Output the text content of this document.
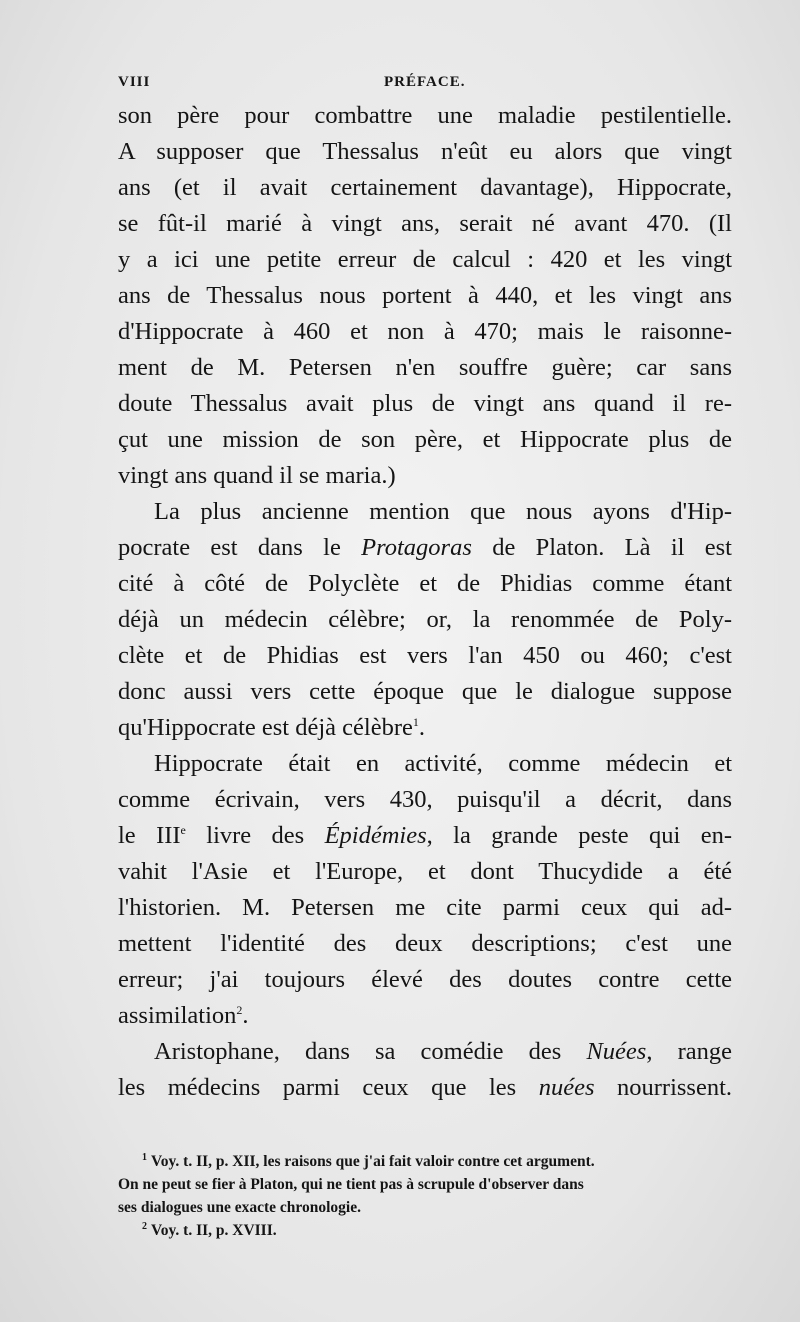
VIII	PRÉFACE.

son père pour combattre une maladie pestilentielle.
A supposer que Thessalus n'eût eu alors que vingt
ans (et il avait certainement davantage), Hippocrate,
se fût-il marié à vingt ans, serait né avant 470. (Il
y a ici une petite erreur de calcul : 420 et les vingt
ans de Thessalus nous portent à 440, et les vingt ans
d'Hippocrate à 460 et non à 470; mais le raisonne-
ment de M. Petersen n'en souffre guère; car sans
doute Thessalus avait plus de vingt ans quand il re-
çut une mission de son père, et Hippocrate plus de
vingt ans quand il se maria.)

La plus ancienne mention que nous ayons d'Hip-
pocrate est dans le Protagoras de Platon. Là il est
cité à côté de Polyclète et de Phidias comme étant
déjà un médecin célèbre; or, la renommée de Poly-
clète et de Phidias est vers l'an 450 ou 460; c'est
donc aussi vers cette époque que le dialogue suppose
qu'Hippocrate est déjà célèbre$^1$.

Hippocrate était en activité, comme médecin et
comme écrivain, vers 430, puisqu'il a décrit, dans
le IIIe livre des Épidémies, la grande peste qui en-
vahit l'Asie et l'Europe, et dont Thucydide a été
l'historien. M. Petersen me cite parmi ceux qui ad-
mettent l'identité des deux descriptions; c'est une
erreur; j'ai toujours élevé des doutes contre cette
assimilation$^2$.

Aristophane, dans sa comédie des Nuées, range
les médecins parmi ceux que les nuées nourrissent.

$^1$ Voy. t. II, p. XII, les raisons que j'ai fait valoir contre cet argument.
On ne peut se fier à Platon, qui ne tient pas à scrupule d'observer dans
ses dialogues une exacte chronologie.
$^2$ Voy. t. II, p. XVIII.
